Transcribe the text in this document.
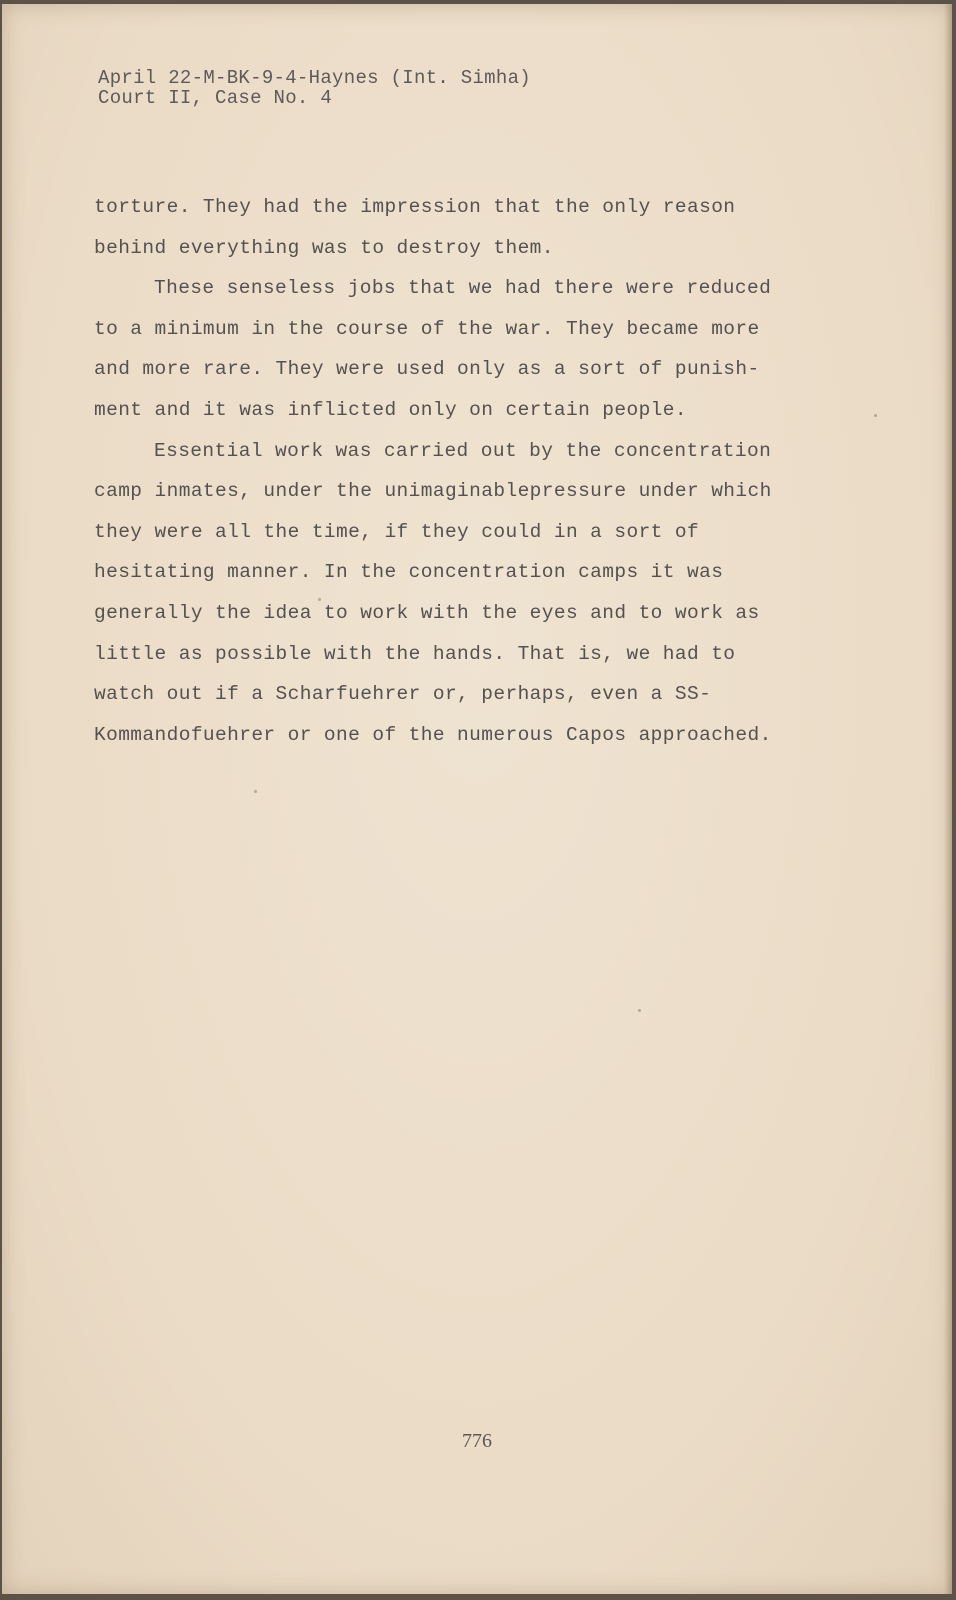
April 22-M-BK-9-4-Haynes (Int. Simha)
Court II, Case No. 4
torture. They had the impression that the only reason
behind everything was to destroy them.
These senseless jobs that we had there were reduced
to a minimum in the course of the war. They became more
and more rare. They were used only as a sort of punish-
ment and it was inflicted only on certain people.
Essential work was carried out by the concentration
camp inmates, under the unimaginablepressure under which
they were all the time, if they could in a sort of
hesitating manner. In the concentration camps it was
generally the idea to work with the eyes and to work as
little as possible with the hands. That is, we had to
watch out if a Scharfuehrer or, perhaps, even a SS-
Kommandofuehrer or one of the numerous Capos approached.
776
